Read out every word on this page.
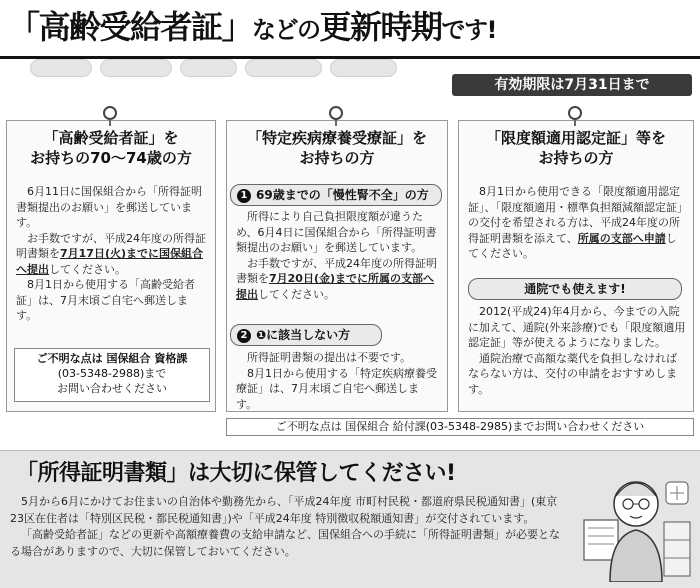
「高齢受給者証」などの更新時期です!
有効期限は7月31日まで
「高齢受給者証」を
お持ちの70〜74歳の方

6月11日に国保組合から「所得証明書類提出のお願い」を郵送しています。

お手数ですが、平成24年度の所得証明書類を7月17日(火)までに国保組合へ提出してください。

8月1日から使用する「高齢受給者証」は、7月末頃ご自宅へ郵送します。

ご不明な点は 国保組合 資格課
(03-5348-2988)まで
お問い合わせください
「特定疾病療養受療証」を
お持ちの方
1 69歳までの「慢性腎不全」の方

所得により自己負担限度額が違うため、6月4日に国保組合から「所得証明書類提出のお願い」を郵送しています。

お手数ですが、平成24年度の所得証明書類を7月20日(金)までに所属の支部へ提出してください。

2 ❶に該当しない方

所得証明書類の提出は不要です。

8月1日から使用する「特定疾病療養受療証」は、7月末頃ご自宅へ郵送します。

「限度額適用認定証」等を
お持ちの方

8月1日から使用できる「限度額適用認定証」、「限度額適用・標準負担額減額認定証」の交付を希望される方は、平成24年度の所得証明書類を添えて、所属の支部へ申請してください。

通院でも使えます!

2012(平成24)年4月から、今までの入院に加えて、通院(外来診療)でも「限度額適用認定証」等が使えるようになりました。

通院治療で高額な薬代を負担しなければならない方は、交付の申請をおすすめします。

ご不明な点は 国保組合 給付課(03-5348-2985)までお問い合わせください
「所得証明書類」は大切に保管してください!

5月から6月にかけてお住まいの自治体や勤務先から、「平成24年度 市町村民税・都道府県民税通知書」(東京23区在住者は「特別区民税・都民税通知書」)や「平成24年度 特別徴収税額通知書」が交付されています。

「高齢受給者証」などの更新や高額療養費の支給申請など、国保組合への手続に「所得証明書類」が必要となる場合がありますので、大切に保管しておいてください。
